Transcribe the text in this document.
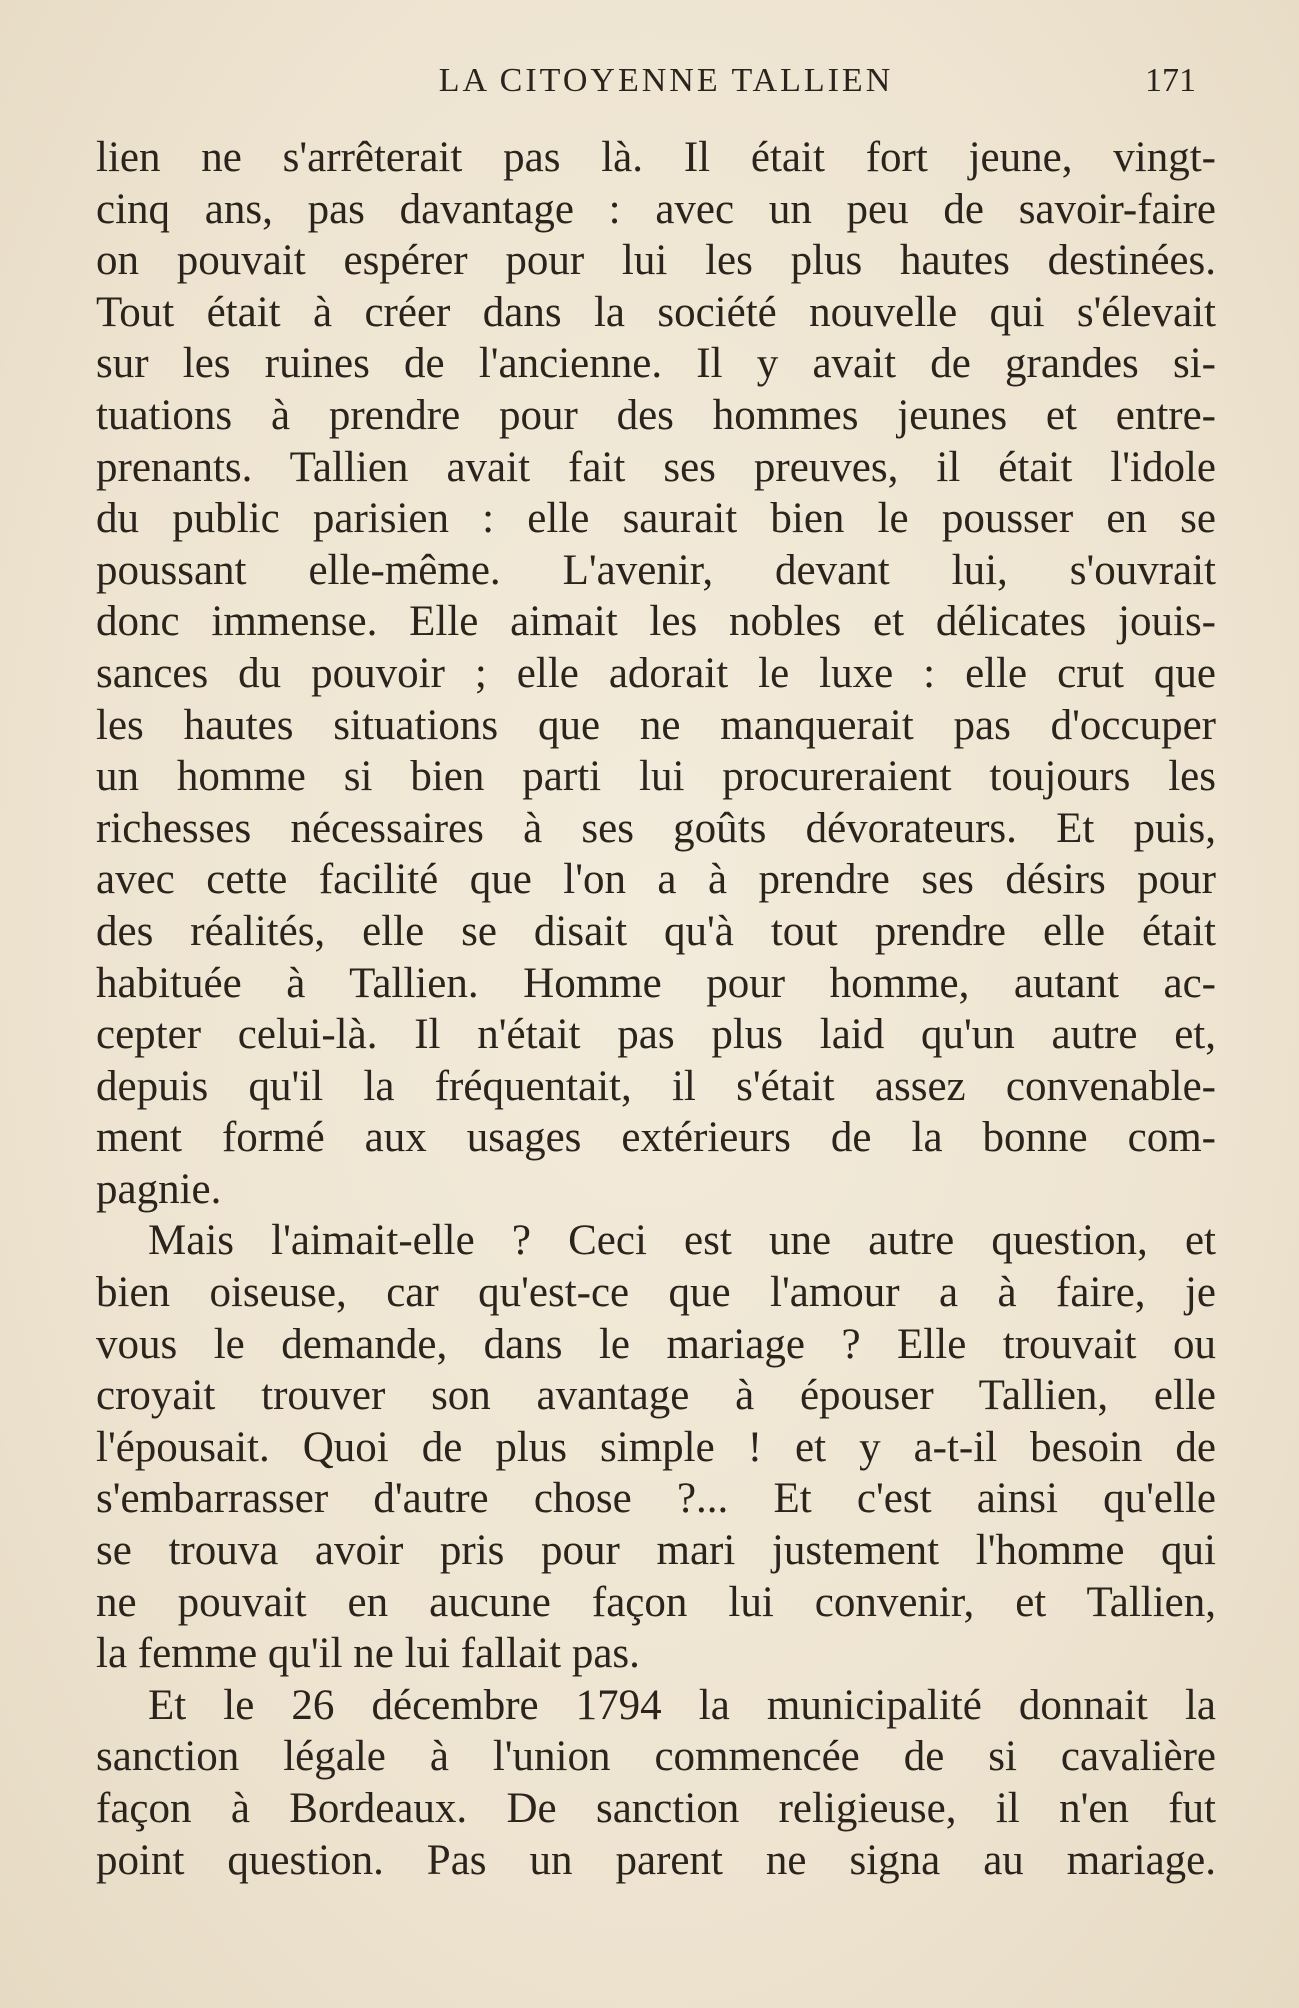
LA CITOYENNE TALLIEN	171
lien ne s'arrêterait pas là. Il était fort jeune, vingt-
cinq ans, pas davantage : avec un peu de savoir-faire
on pouvait espérer pour lui les plus hautes destinées.
Tout était à créer dans la société nouvelle qui s'élevait
sur les ruines de l'ancienne. Il y avait de grandes si-
tuations à prendre pour des hommes jeunes et entre-
prenants. Tallien avait fait ses preuves, il était l'idole
du public parisien : elle saurait bien le pousser en se
poussant elle-même. L'avenir, devant lui, s'ouvrait
donc immense. Elle aimait les nobles et délicates jouis-
sances du pouvoir ; elle adorait le luxe : elle crut que
les hautes situations que ne manquerait pas d'occuper
un homme si bien parti lui procureraient toujours les
richesses nécessaires à ses goûts dévorateurs. Et puis,
avec cette facilité que l'on a à prendre ses désirs pour
des réalités, elle se disait qu'à tout prendre elle était
habituée à Tallien. Homme pour homme, autant ac-
cepter celui-là. Il n'était pas plus laid qu'un autre et,
depuis qu'il la fréquentait, il s'était assez convenable-
ment formé aux usages extérieurs de la bonne com-
pagnie.
Mais l'aimait-elle ? Ceci est une autre question, et
bien oiseuse, car qu'est-ce que l'amour a à faire, je
vous le demande, dans le mariage ? Elle trouvait ou
croyait trouver son avantage à épouser Tallien, elle
l'épousait. Quoi de plus simple ! et y a-t-il besoin de
s'embarrasser d'autre chose ?... Et c'est ainsi qu'elle
se trouva avoir pris pour mari justement l'homme qui
ne pouvait en aucune façon lui convenir, et Tallien,
la femme qu'il ne lui fallait pas.
Et le 26 décembre 1794 la municipalité donnait la
sanction légale à l'union commencée de si cavalière
façon à Bordeaux. De sanction religieuse, il n'en fut
point question. Pas un parent ne signa au mariage.
